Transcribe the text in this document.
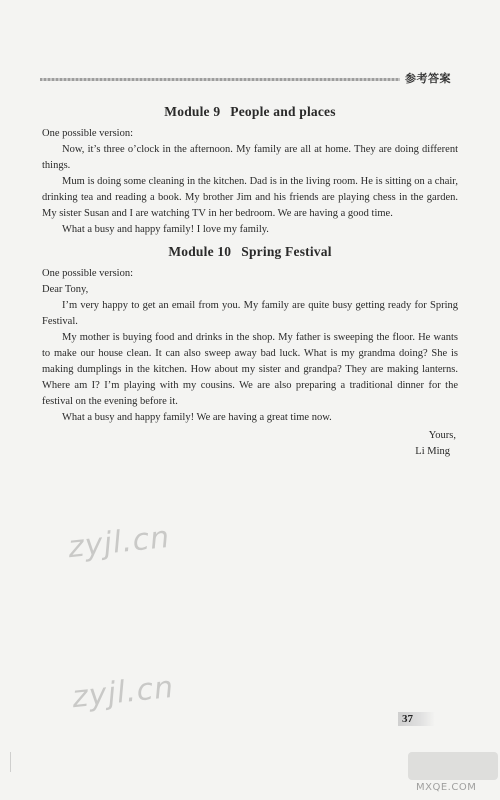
参考答案
Module 9 People and places

One possible version:

Now, it’s three o’clock in the afternoon. My family are all at home. They are doing different things.

Mum is doing some cleaning in the kitchen. Dad is in the living room. He is sitting on a chair, drinking tea and reading a book. My brother Jim and his friends are playing chess in the garden. My sister Susan and I are watching TV in her bedroom. We are having a good time.

What a busy and happy family! I love my family.

Module 10 Spring Festival

One possible version:

Dear Tony,

I’m very happy to get an email from you. My family are quite busy getting ready for Spring Festival.

My mother is buying food and drinks in the shop. My father is sweeping the floor. He wants to make our house clean. It can also sweep away bad luck. What is my grandma doing? She is making dumplings in the kitchen. How about my sister and grandpa? They are making lanterns. Where am I? I’m playing with my cousins. We are also preparing a traditional dinner for the festival on the evening before it.

What a busy and happy family! We are having a great time now.

Yours,

Li Ming

zyjl.cn
zyjl.cn
37
MXQE.COM
